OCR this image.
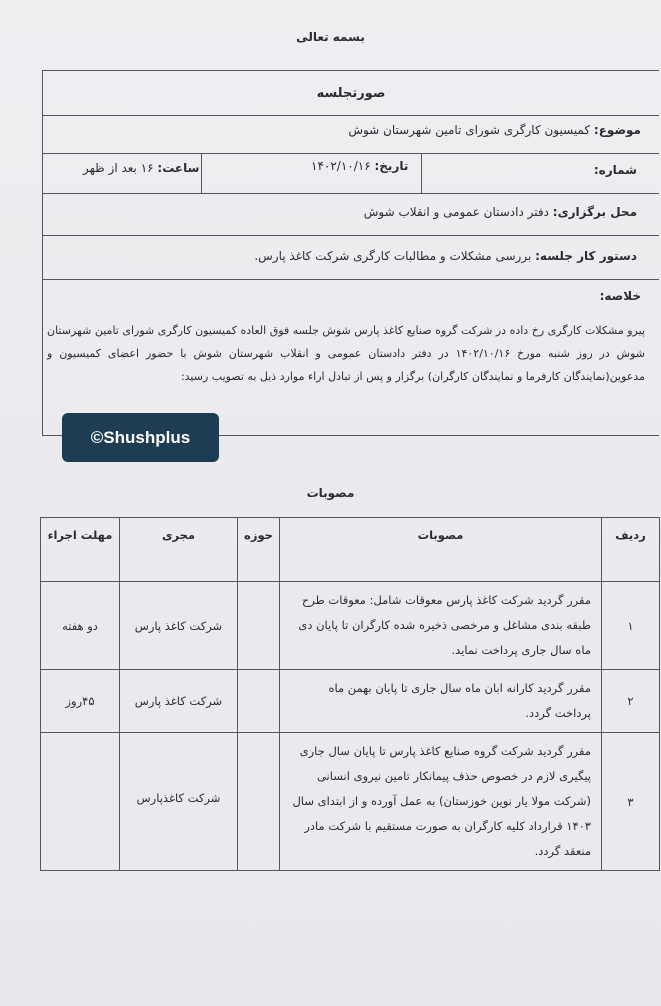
بسمه تعالی
صورتجلسه
موضوع: کمیسیون کارگری شورای تامین شهرستان شوش
شماره:
تاریخ: ۱۴۰۲/۱۰/۱۶
ساعت: ۱۶ بعد از ظهر
محل برگزاری: دفتر دادستان عمومی و انقلاب شوش
دستور کار جلسه: بررسی مشکلات و مطالبات کارگری شرکت کاغذ پارس.
خلاصه:
پیرو مشکلات کارگری رخ داده در شرکت گروه صنایع کاغذ پارس شوش جلسه فوق العاده کمیسیون کارگری شورای تامین شهرستان شوش در روز شنبه مورخ ۱۴۰۲/۱۰/۱۶ در دفتر دادستان عمومی و انقلاب شهرستان شوش با حضور اعضای کمیسیون و مدعوین(نمایندگان کارفرما و نمایندگان کارگران) برگزار و پس از تبادل اراء موارد ذیل به تصویب رسید:
©Shushplus
مصوبات
ردیف	مصوبات	حوزه	مجری	مهلت اجراء
۱	مقرر گردید شرکت کاغذ پارس معوقات شامل: معوقات طرح طبقه بندی مشاغل و مرخصی ذخیره شده کارگران تا پایان دی ماه سال جاری پرداخت نماید.		شرکت کاغذ پارس	دو هفته
۲	مقرر گردید کارانه ابان ماه سال جاری تا پایان بهمن ماه پرداخت گردد.		شرکت کاغذ پارس	۴۵روز
۳	مقرر گردید شرکت گروه صنایع کاغذ پارس تا پایان سال جاری پیگیری لازم در خصوص حذف پیمانکار تامین نیروی انسانی (شرکت مولا یار نوین خوزستان) به عمل آورده و از ابتدای سال ۱۴۰۳ قرارداد کلیه کارگران به صورت مستقیم با شرکت مادر منعقد گردد.		شرکت کاغذپارس	
